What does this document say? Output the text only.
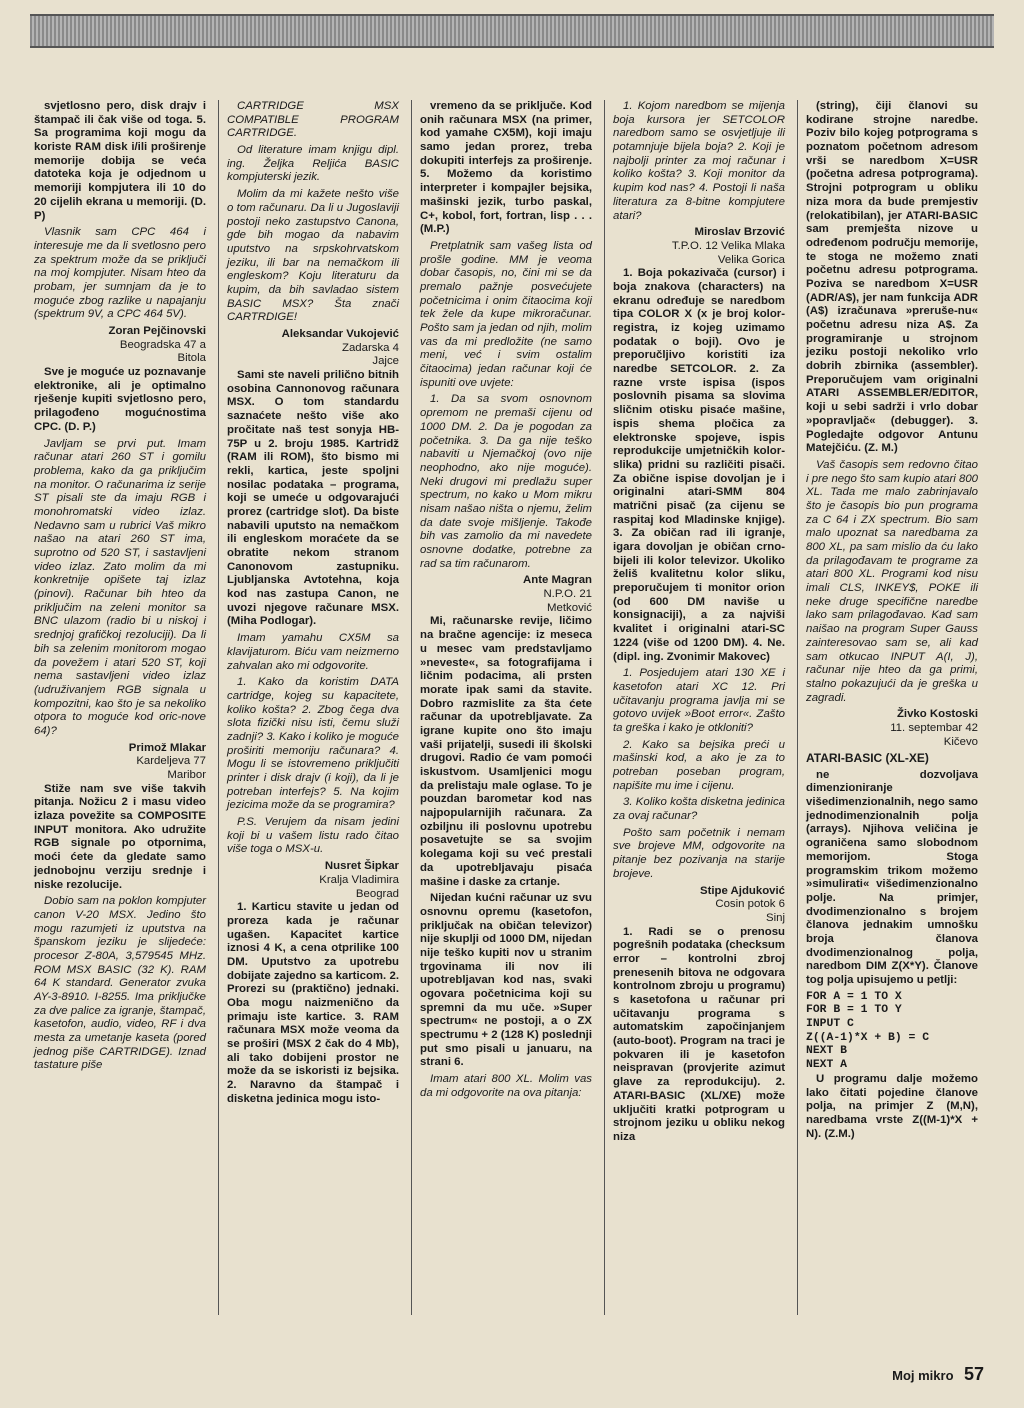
svjetlosno pero, disk drajv i štampač ili čak više od toga. 5. Sa programima koji mogu da koriste RAM disk i/ili proširenje memorije dobija se veća datoteka koja je odjednom u memoriji kompjutera ili 10 do 20 cijelih ekrana u memoriji. (D. P)

Vlasnik sam CPC 464 i interesuje me da li svetlosno pero za spektrum može da se priključi na moj kompjuter. Nisam hteo da probam, jer sumnjam da je to moguće zbog razlike u napajanju (spektrum 9V, a CPC 464 5V).

Zoran Pejčinovski

Beogradska 47 a

Bitola

Sve je moguće uz poznavanje elektronike, ali je optimalno rješenje kupiti svjetlosno pero, prilagođeno mogućnostima CPC. (D. P.)

Javljam se prvi put. Imam računar atari 260 ST i gomilu problema, kako da ga priključim na monitor. O računarima iz serije ST pisali ste da imaju RGB i monohromatski video izlaz. Nedavno sam u rubrici Vaš mikro našao na atari 260 ST ima, suprotno od 520 ST, i sastavljeni video izlaz. Zato molim da mi konkretnije opišete taj izlaz (pinovi). Računar bih hteo da priključim na zeleni monitor sa BNC ulazom (radio bi u niskoj i srednjoj grafičkoj rezoluciji). Da li bih sa zelenim monitorom mogao da povežem i atari 520 ST, koji nema sastavljeni video izlaz (udruživanjem RGB signala u kompozitni, kao što je sa nekoliko otpora to moguće kod oric-nove 64)?

Primož Mlakar

Kardeljeva 77

Maribor

Stiže nam sve više takvih pitanja. Nožicu 2 i masu video izlaza povežite sa COMPOSITE INPUT monitora. Ako udružite RGB signale po otpornima, moći ćete da gledate samo jednobojnu verziju srednje i niske rezolucije.

Dobio sam na poklon kompjuter canon V-20 MSX. Jedino što mogu razumjeti iz uputstva na španskom jeziku je slijedeće: procesor Z-80A, 3,579545 MHz. ROM MSX BASIC (32 K). RAM 64 K standard. Generator zvuka AY-3-8910. I-8255. Ima priključke za dve palice za igranje, štampač, kasetofon, audio, video, RF i dva mesta za umetanje kaseta (pored jednog piše CARTRIDGE). Iznad tastature piše

CARTRIDGE MSX COMPATIBLE PROGRAM CARTRIDGE.

Od literature imam knjigu dipl. ing. Željka Reljića BASIC kompjuterski jezik.

Molim da mi kažete nešto više o tom računaru. Da li u Jugoslaviji postoji neko zastupstvo Canona, gde bih mogao da nabavim uputstvo na srpskohrvatskom jeziku, ili bar na nemačkom ili engleskom? Koju literaturu da kupim, da bih savladao sistem BASIC MSX? Šta znači CARTRDIGE!

Aleksandar Vukojević

Zadarska 4

Jajce

Sami ste naveli prilično bitnih osobina Cannonovog računara MSX. O tom standardu saznaćete nešto više ako pročitate naš test sonyja HB-75P u 2. broju 1985. Kartridž (RAM ili ROM), što bismo mi rekli, kartica, jeste spoljni nosilac podataka – programa, koji se umeće u odgovarajući prorez (cartridge slot). Da biste nabavili uputsto na nemačkom ili engleskom moraćete da se obratite nekom stranom Canonovom zastupniku. Ljubljanska Avtotehna, koja kod nas zastupa Canon, ne uvozi njegove računare MSX. (Miha Podlogar).

Imam yamahu CX5M sa klavijaturom. Biću vam neizmerno zahvalan ako mi odgovorite.

1. Kako da koristim DATA cartridge, kojeg su kapacitete, koliko košta? 2. Zbog čega dva slota fizički nisu isti, čemu služi zadnji? 3. Kako i koliko je moguće proširiti memoriju računara? 4. Mogu li se istovremeno priključiti printer i disk drajv (i koji), da li je potreban interfejs? 5. Na kojim jezicima može da se programira?

P.S. Verujem da nisam jedini koji bi u vašem listu rado čitao više toga o MSX-u.

Nusret Šipkar

Kralja Vladimira

Beograd

1. Karticu stavite u jedan od proreza kada je računar ugašen. Kapacitet kartice iznosi 4 K, a cena otprilike 100 DM. Uputstvo za upotrebu dobijate zajedno sa karticom. 2. Prorezi su (praktično) jednaki. Oba mogu naizmenično da primaju iste kartice. 3. RAM računara MSX može veoma da se proširi (MSX 2 čak do 4 Mb), ali tako dobijeni prostor ne može da se iskoristi iz bejsika. 2. Naravno da štampač i disketna jedinica mogu isto-

vremeno da se priključe. Kod onih računara MSX (na primer, kod yamahe CX5M), koji imaju samo jedan prorez, treba dokupiti interfejs za proširenje. 5. Možemo da koristimo interpreter i kompajler bejsika, mašinski jezik, turbo paskal, C+, kobol, fort, fortran, lisp . . . (M.P.)

Pretplatnik sam vašeg lista od prošle godine. MM je veoma dobar časopis, no, čini mi se da premalo pažnje posvećujete početnicima i onim čitaocima koji tek žele da kupe mikroračunar. Pošto sam ja jedan od njih, molim vas da mi predložite (ne samo meni, već i svim ostalim čitaocima) jedan računar koji će ispuniti ove uvjete:

1. Da sa svom osnovnom opremom ne premaši cijenu od 1000 DM. 2. Da je pogodan za početnika. 3. Da ga nije teško nabaviti u Njemačkoj (ovo nije neophodno, ako nije moguće). Neki drugovi mi predlažu super spectrum, no kako u Mom mikru nisam našao ništa o njemu, želim da date svoje mišljenje. Takođe bih vas zamolio da mi navedete osnovne dodatke, potrebne za rad sa tim računarom.

Ante Magran

N.P.O. 21

Metković

Mi, računarske revije, ličimo na bračne agencije: iz meseca u mesec vam predstavljamo »neveste«, sa fotografijama i ličnim podacima, ali prsten morate ipak sami da stavite. Dobro razmislite za šta ćete računar da upotrebljavate. Za igrane kupite ono što imaju vaši prijatelji, susedi ili školski drugovi. Radio će vam pomoći iskustvom. Usamljenici mogu da prelistaju male oglase. To je pouzdan barometar kod nas najpopularnijih računara. Za ozbiljnu ili poslovnu upotrebu posavetujte se sa svojim kolegama koji su već prestali da upotrebljavaju pisaća mašine i daske za crtanje.

Nijedan kućni računar uz svu osnovnu opremu (kasetofon, priključak na običan televizor) nije skuplji od 1000 DM, nijedan nije teško kupiti nov u stranim trgovinama ili nov ili upotrebljavan kod nas, svaki ogovara početnicima koji su spremni da mu uče. »Super spectrum« ne postoji, a o ZX spectrumu + 2 (128 K) poslednji put smo pisali u januaru, na strani 6.

Imam atari 800 XL. Molim vas da mi odgovorite na ova pitanja:

1. Kojom naredbom se mijenja boja kursora jer SETCOLOR naredbom samo se osvjetljuje ili potamnjuje bijela boja? 2. Koji je najbolji printer za moj računar i koliko košta? 3. Koji monitor da kupim kod nas? 4. Postoji li naša literatura za 8-bitne kompjutere atari?

Miroslav Brzović

T.P.O. 12 Velika Mlaka

Velika Gorica

1. Boja pokazivača (cursor) i boja znakova (characters) na ekranu određuje se naredbom tipa COLOR X (x je broj kolor-registra, iz kojeg uzimamo podatak o boji). Ovo je preporučljivo koristiti iza naredbe SETCOLOR. 2. Za razne vrste ispisa (ispos poslovnih pisama sa slovima sličnim otisku pisaće mašine, ispis shema pločica za elektronske spojeve, ispis reprodukcije umjetničkih kolor-slika) pridni su različiti pisači. Za obične ispise dovoljan je i originalni atari-SMM 804 matrični pisač (za cijenu se raspitaj kod Mladinske knjige). 3. Za običan rad ili igranje, igara dovoljan je običan crno-bijeli ili kolor televizor. Ukoliko želiš kvalitetnu kolor sliku, preporučujem ti monitor orion (od 600 DM naviše u konsignaciji), a za najviši kvalitet i originalni atari-SC 1224 (više od 1200 DM). 4. Ne. (dipl. ing. Zvonimir Makovec)

1. Posjedujem atari 130 XE i kasetofon atari XC 12. Pri učitavanju programa javlja mi se gotovo uvijek »Boot error«. Zašto ta greška i kako je otkloniti?

2. Kako sa bejsika preći u mašinski kod, a ako je za to potreban poseban program, napišite mu ime i cijenu.

3. Koliko košta disketna jedinica za ovaj računar?

Pošto sam početnik i nemam sve brojeve MM, odgovorite na pitanje bez pozivanja na starije brojeve.

Stipe Ajduković

Cosin potok 6

Sinj

1. Radi se o prenosu pogrešnih podataka (checksum error – kontrolni zbroj prenesenih bitova ne odgovara kontrolnom zbroju u programu) s kasetofona u računar pri učitavanju programa s automatskim započinjanjem (auto-boot). Program na traci je pokvaren ili je kasetofon neispravan (provjerite azimut glave za reprodukciju). 2. ATARI-BASIC (XL/XE) može uključiti kratki potprogram u strojnom jeziku u obliku nekog niza

(string), čiji članovi su kodirane strojne naredbe. Poziv bilo kojeg potprograma s poznatom početnom adresom vrši se naredbom X=USR (početna adresa potprograma). Strojni potprogram u obliku niza mora da bude premjestiv (relokatibilan), jer ATARI-BASIC sam premješta nizove u određenom području memorije, te stoga ne možemo znati početnu adresu potprograma. Poziva se naredbom X=USR (ADR/A$), jer nam funkcija ADR (A$) izračunava »preruše-nu« početnu adresu niza A$. Za programiranje u strojnom jeziku postoji nekoliko vrlo dobrih zbirnika (assembler). Preporučujem vam originalni ATARI ASSEMBLER/EDITOR, koji u sebi sadrži i vrlo dobar »popravljač« (debugger). 3. Pogledajte odgovor Antunu Matejčiću. (Z. M.)

Vaš časopis sem redovno čitao i pre nego što sam kupio atari 800 XL. Tada me malo zabrinjavalo što je časopis bio pun programa za C 64 i ZX spectrum. Bio sam malo upoznat sa naredbama za 800 XL, pa sam mislio da ću lako da prilagođavam te programe za atari 800 XL. Programi kod nisu imali CLS, INKEY$, POKE ili neke druge specifične naredbe lako sam prilagođavao. Kad sam naišao na program Super Gauss zainteresovao sam se, ali kad sam otkucao INPUT A(I, J), računar nije hteo da ga primi, stalno pokazujući da je greška u zagradi.

Živko Kostoski

11. septembar 42

Kičevo

ATARI-BASIC (XL-XE)

ne dozvoljava dimenzioniranje višedimenzionalnih, nego samo jednodimenzionalnih polja (arrays). Njihova veličina je ograničena samo slobodnom memorijom. Stoga programskim trikom možemo »simulirati« višedimenzionalno polje. Na primjer, dvodimenzionalno s brojem članova jednakim umnošku broja članova dvodimenzionalnog polja, naredbom DIM Z(X*Y). Članove tog polja upisujemo u petlji:

FOR A = 1 TO X

FOR B = 1 TO Y

INPUT C

Z((A-1)*X + B) = C

NEXT B

NEXT A

U programu dalje možemo lako čitati pojedine članove polja, na primjer Z (M,N), naredbama vrste Z((M-1)*X + N). (Z.M.)

Moj mikro 57
